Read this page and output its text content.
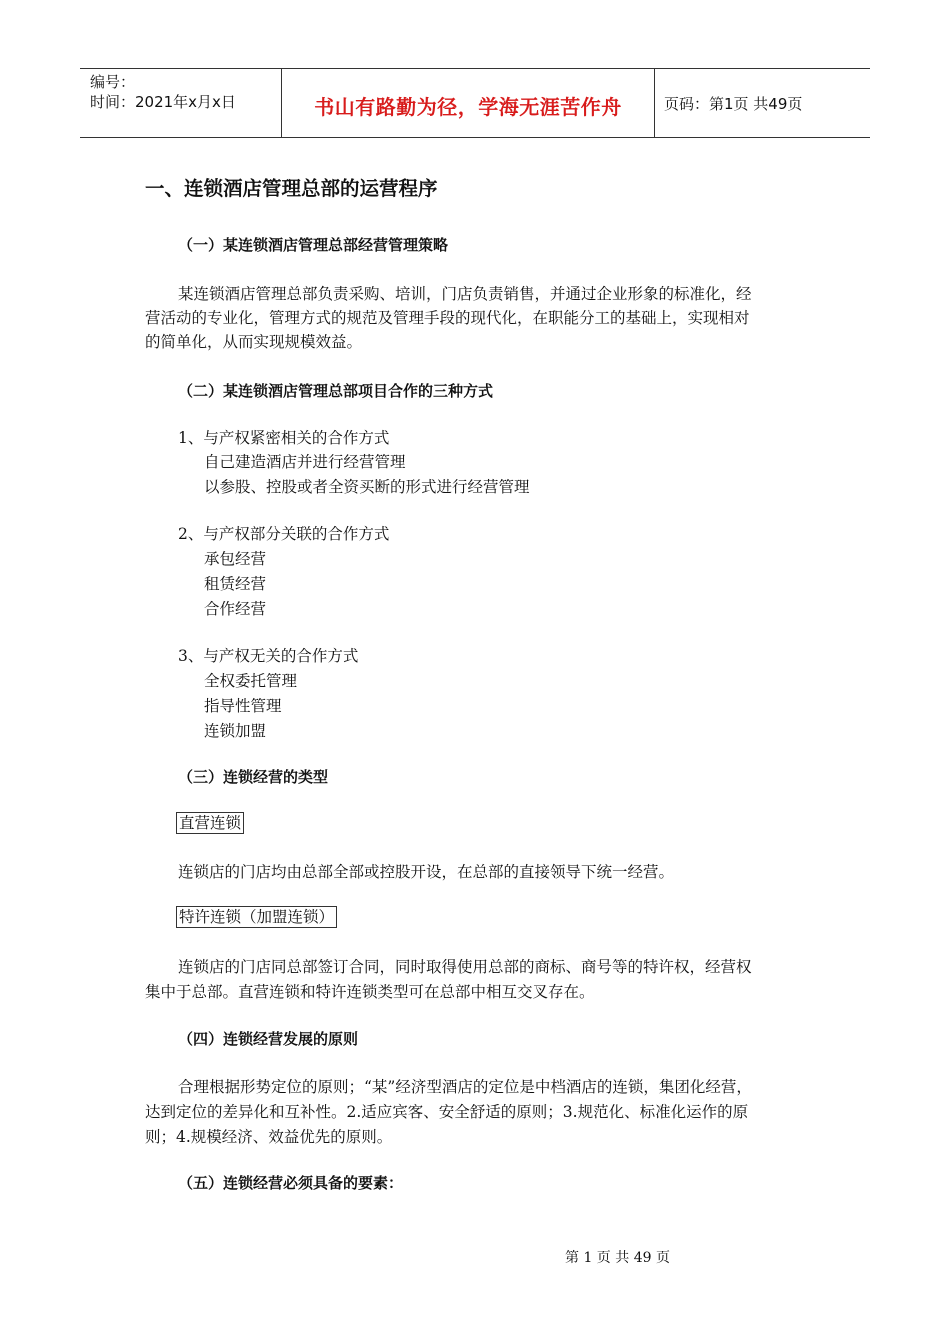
编号：
时间：2021年x月x日	书山有路勤为径，学海无涯苦作舟	页码：第1页 共49页
一、连锁酒店管理总部的运营程序
（一）某连锁酒店管理总部经营管理策略
某连锁酒店管理总部负责采购、培训，门店负责销售，并通过企业形象的标准化，经
营活动的专业化，管理方式的规范及管理手段的现代化，在职能分工的基础上，实现相对
的简单化，从而实现规模效益。
（二）某连锁酒店管理总部项目合作的三种方式
1、与产权紧密相关的合作方式
自己建造酒店并进行经营管理
以参股、控股或者全资买断的形式进行经营管理
2、与产权部分关联的合作方式
承包经营
租赁经营
合作经营
3、与产权无关的合作方式
全权委托管理
指导性管理
连锁加盟
（三）连锁经营的类型
直营连锁
连锁店的门店均由总部全部或控股开设，在总部的直接领导下统一经营。
特许连锁（加盟连锁）
连锁店的门店同总部签订合同，同时取得使用总部的商标、商号等的特许权，经营权
集中于总部。直营连锁和特许连锁类型可在总部中相互交叉存在。
（四）连锁经营发展的原则
合理根据形势定位的原则；“某”经济型酒店的定位是中档酒店的连锁，集团化经营，
达到定位的差异化和互补性。2.适应宾客、安全舒适的原则；3.规范化、标准化运作的原
则；4.规模经济、效益优先的原则。
（五）连锁经营必须具备的要素：
第 1 页 共 49 页
